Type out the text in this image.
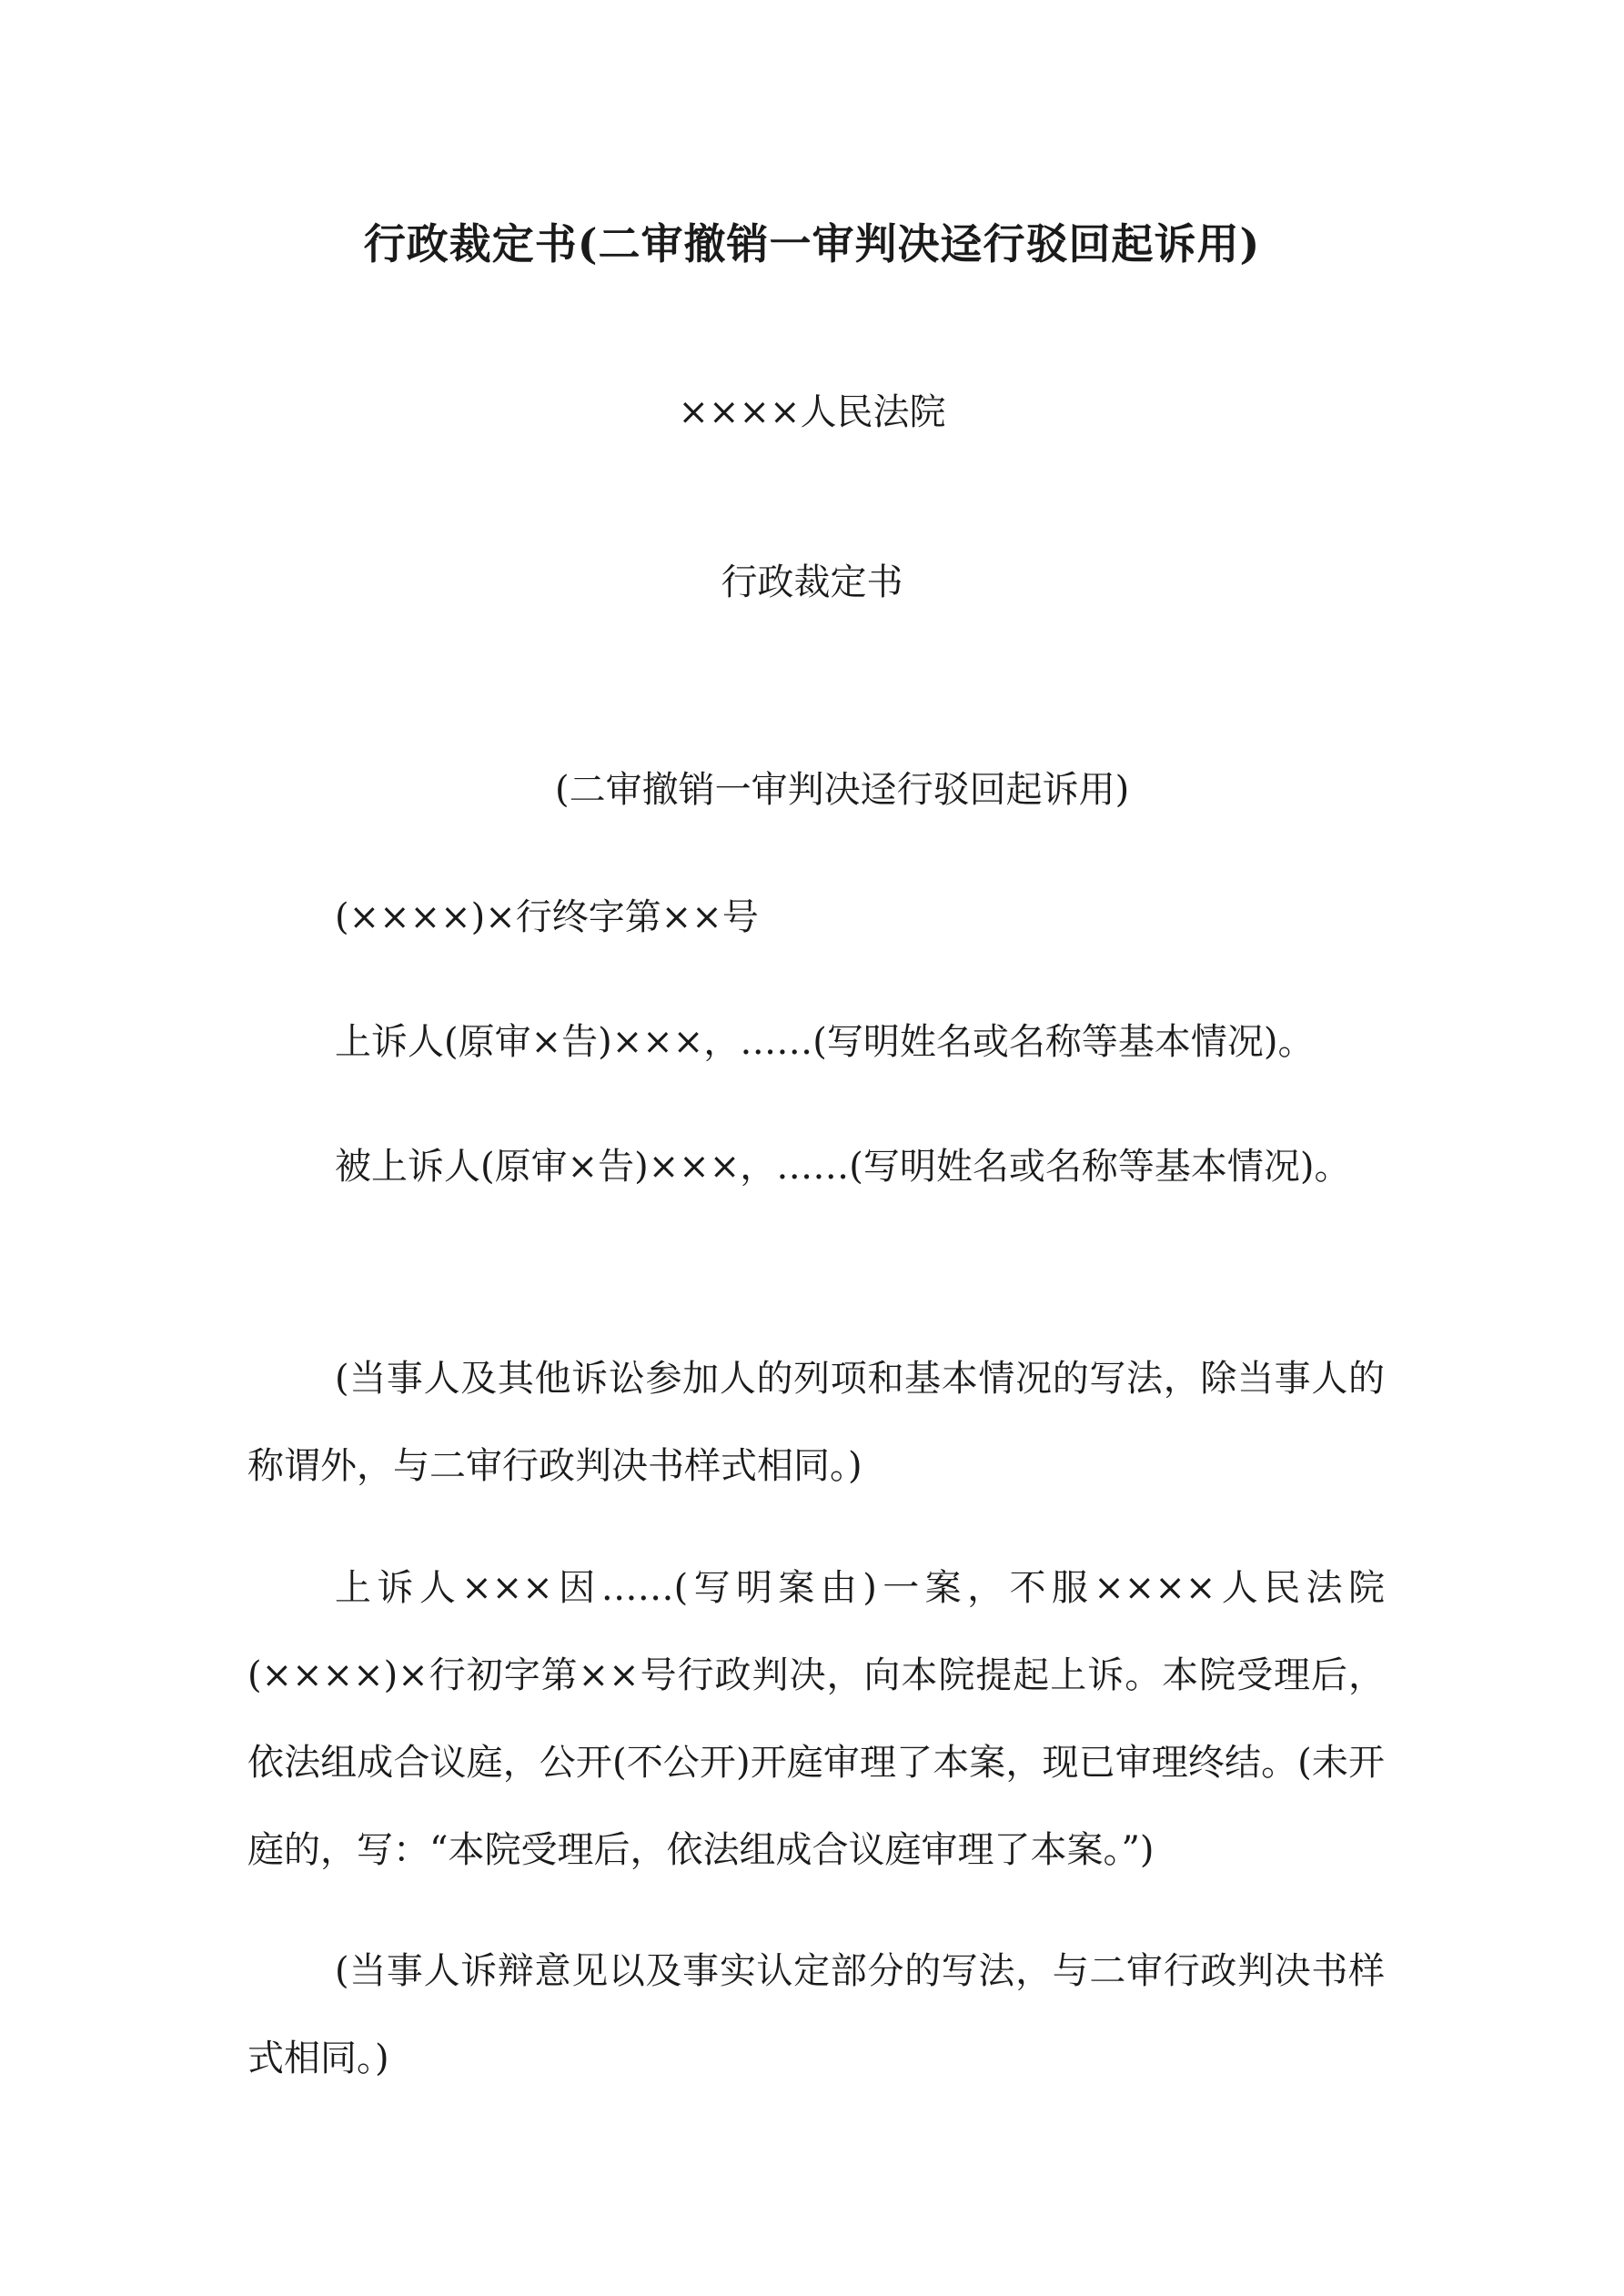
行政裁定书(二审撤销一审判决迳行驳回起诉用)
××××人民法院
行政裁定书
(二审撤销一审判决迳行驳回起诉用)

(××××)×行终字第××号

上诉人(原审×告)×××，……(写明姓名或名称等基本情况)。

被上诉人(原审×告)×××，……(写明姓名或名称等基本情况)。

(当事人及其他诉讼参加人的列项和基本情况的写法，除当事人的称谓外，与二审行政判决书样式相同。)

上诉人×××因……(写明案由)一案，不服××××人民法院(××××)×行初字第××号行政判决，向本院提起上诉。本院受理后，依法组成合议庭，公开(不公开)开庭审理了本案，现已审理终结。(未开庭的，写：“本院受理后，依法组成合议庭审理了本案。”)

(当事人诉辩意见以及事实认定部分的写法，与二审行政判决书样式相同。)
